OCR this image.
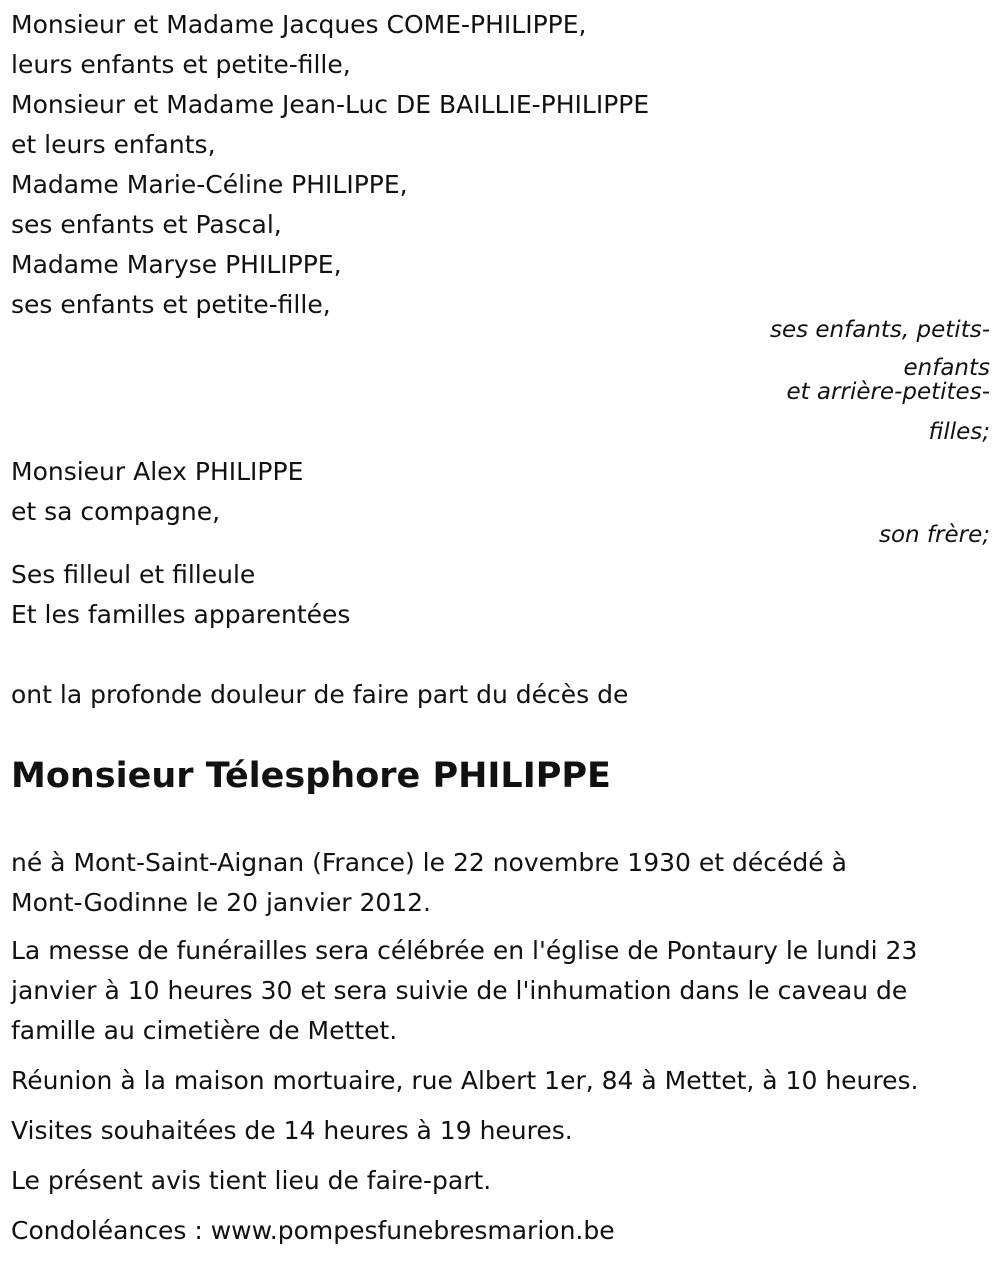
Monsieur et Madame Jacques COME-PHILIPPE,
leurs enfants et petite-fille,
Monsieur et Madame Jean-Luc DE BAILLIE-PHILIPPE
et leurs enfants,
Madame Marie-Céline PHILIPPE,
ses enfants et Pascal,
Madame Maryse PHILIPPE,
ses enfants et petite-fille,
ses enfants, petits-
enfants
et arrière-petites-
filles;
Monsieur Alex PHILIPPE
et sa compagne,
son frère;
Ses filleul et filleule
Et les familles apparentées
ont la profonde douleur de faire part du décès de
Monsieur Télesphore PHILIPPE
né à Mont-Saint-Aignan (France) le 22 novembre 1930 et décédé à
Mont-Godinne le 20 janvier 2012.
La messe de funérailles sera célébrée en l'église de Pontaury le lundi 23
janvier à 10 heures 30 et sera suivie de l'inhumation dans le caveau de
famille au cimetière de Mettet.
Réunion à la maison mortuaire, rue Albert 1er, 84 à Mettet, à 10 heures.
Visites souhaitées de 14 heures à 19 heures.
Le présent avis tient lieu de faire-part.
Condoléances : www.pompesfunebresmarion.be
